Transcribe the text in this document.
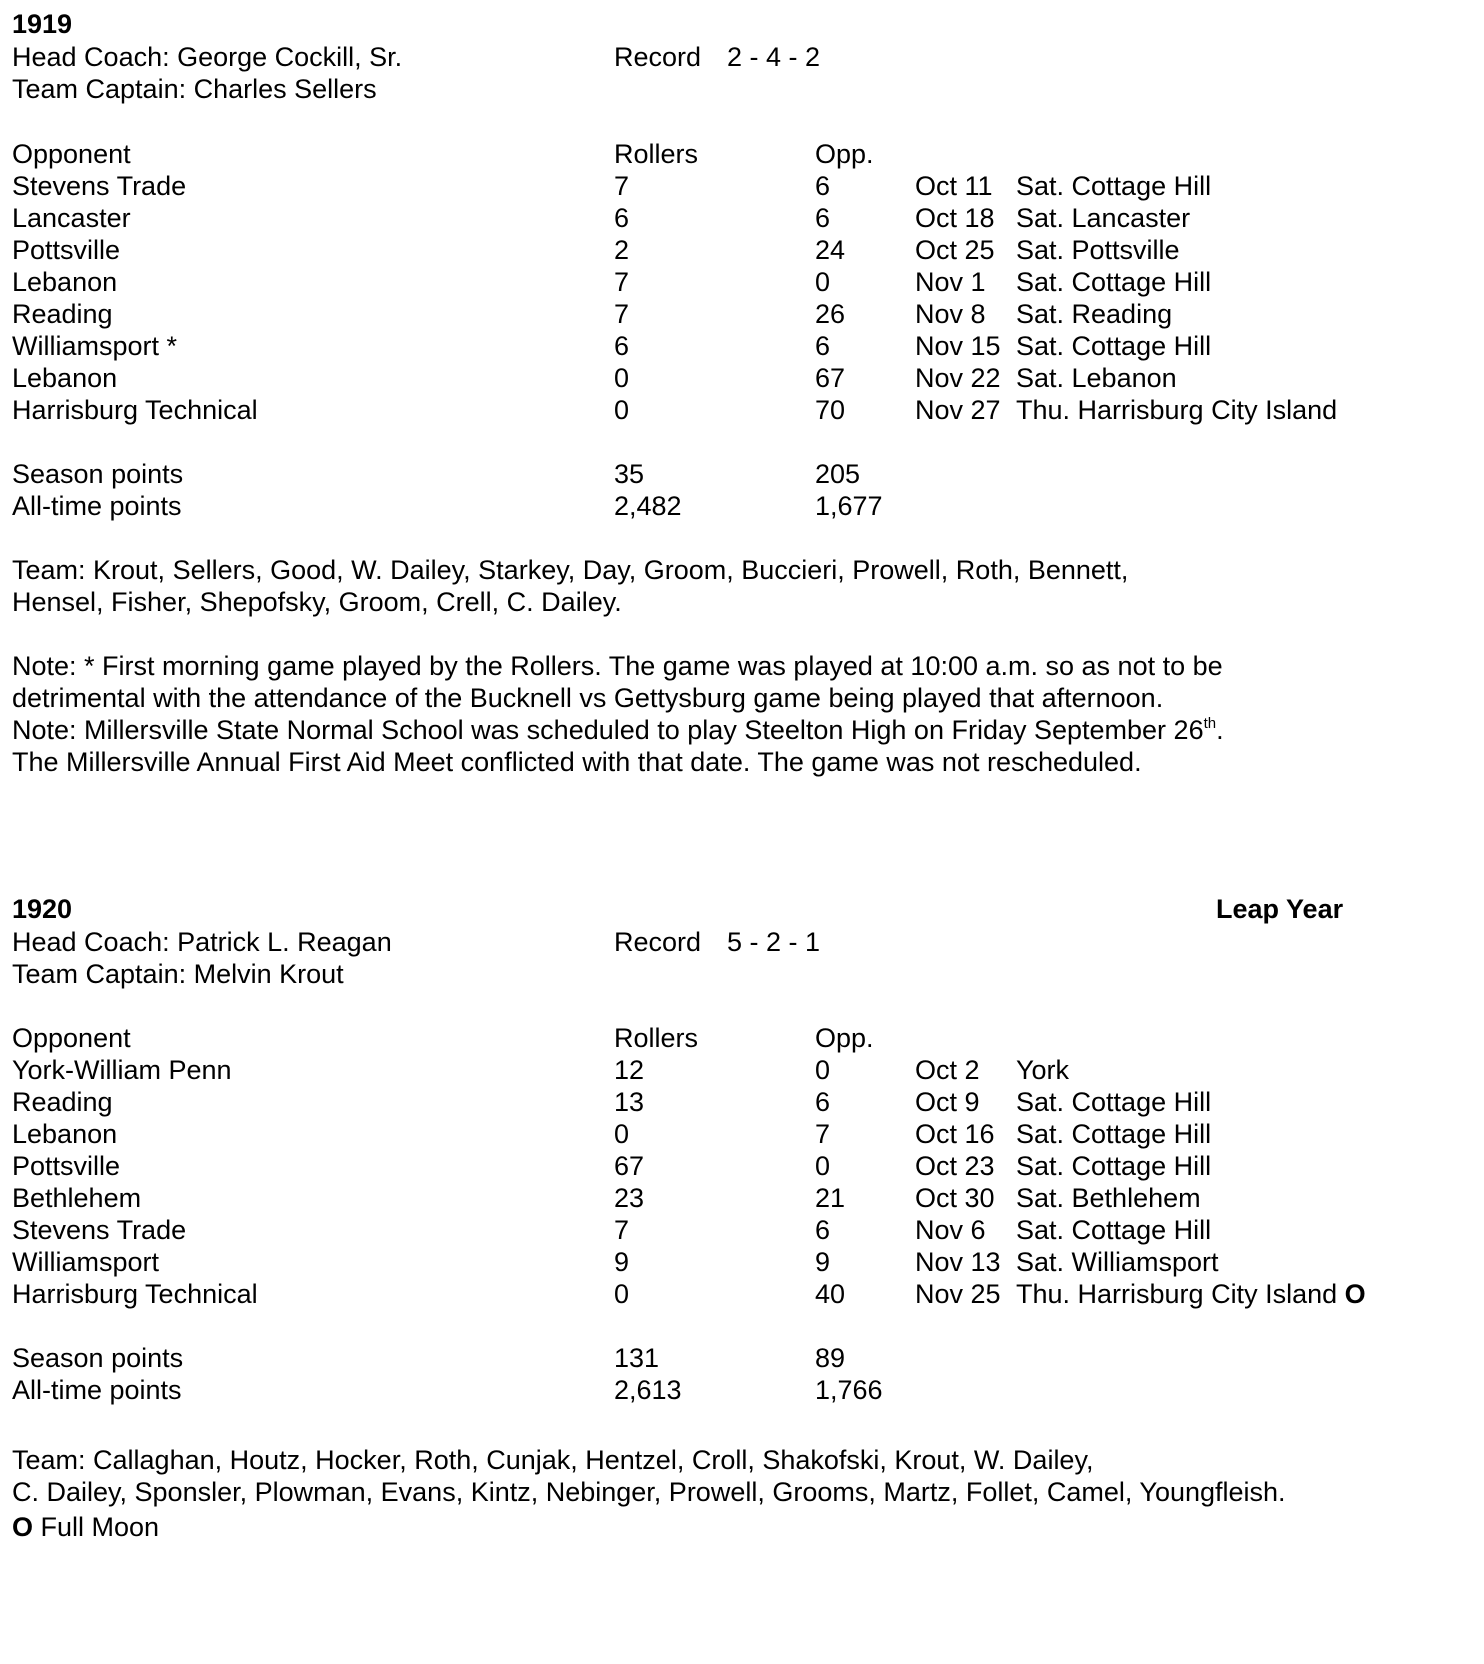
1919
Head Coach: George Cockill, Sr.	Record 2 - 4 - 2
Team Captain: Charles Sellers
Opponent	Rollers	Opp.
Stevens Trade	7	6	Oct 11 Sat. Cottage Hill
Lancaster	6	6	Oct 18 Sat. Lancaster
Pottsville	2	24	Oct 25 Sat. Pottsville
Lebanon	7	0	Nov 1 Sat. Cottage Hill
Reading	7	26	Nov 8 Sat. Reading
Williamsport *	6	6	Nov 15 Sat. Cottage Hill
Lebanon	0	67	Nov 22 Sat. Lebanon
Harrisburg Technical	0	70	Nov 27 Thu. Harrisburg City Island
Season points	35	205
All-time points	2,482	1,677
Team: Krout, Sellers, Good, W. Dailey, Starkey, Day, Groom, Buccieri, Prowell, Roth, Bennett,
Hensel, Fisher, Shepofsky, Groom, Crell, C. Dailey.
Note: * First morning game played by the Rollers. The game was played at 10:00 a.m. so as not to be
detrimental with the attendance of the Bucknell vs Gettysburg game being played that afternoon.
Note: Millersville State Normal School was scheduled to play Steelton High on Friday September 26th.
The Millersville Annual First Aid Meet conflicted with that date. The game was not rescheduled.
1920	Leap Year
Head Coach: Patrick L. Reagan	Record 5 - 2 - 1
Team Captain: Melvin Krout
Opponent	Rollers	Opp.
York-William Penn	12	0	Oct 2 York
Reading	13	6	Oct 9 Sat. Cottage Hill
Lebanon	0	7	Oct 16 Sat. Cottage Hill
Pottsville	67	0	Oct 23 Sat. Cottage Hill
Bethlehem	23	21	Oct 30 Sat. Bethlehem
Stevens Trade	7	6	Nov 6 Sat. Cottage Hill
Williamsport	9	9	Nov 13 Sat. Williamsport
Harrisburg Technical	0	40	Nov 25 Thu. Harrisburg City Island O
Season points	131	89
All-time points	2,613	1,766
Team: Callaghan, Houtz, Hocker, Roth, Cunjak, Hentzel, Croll, Shakofski, Krout, W. Dailey,
C. Dailey, Sponsler, Plowman, Evans, Kintz, Nebinger, Prowell, Grooms, Martz, Follet, Camel, Youngfleish.
O Full Moon
